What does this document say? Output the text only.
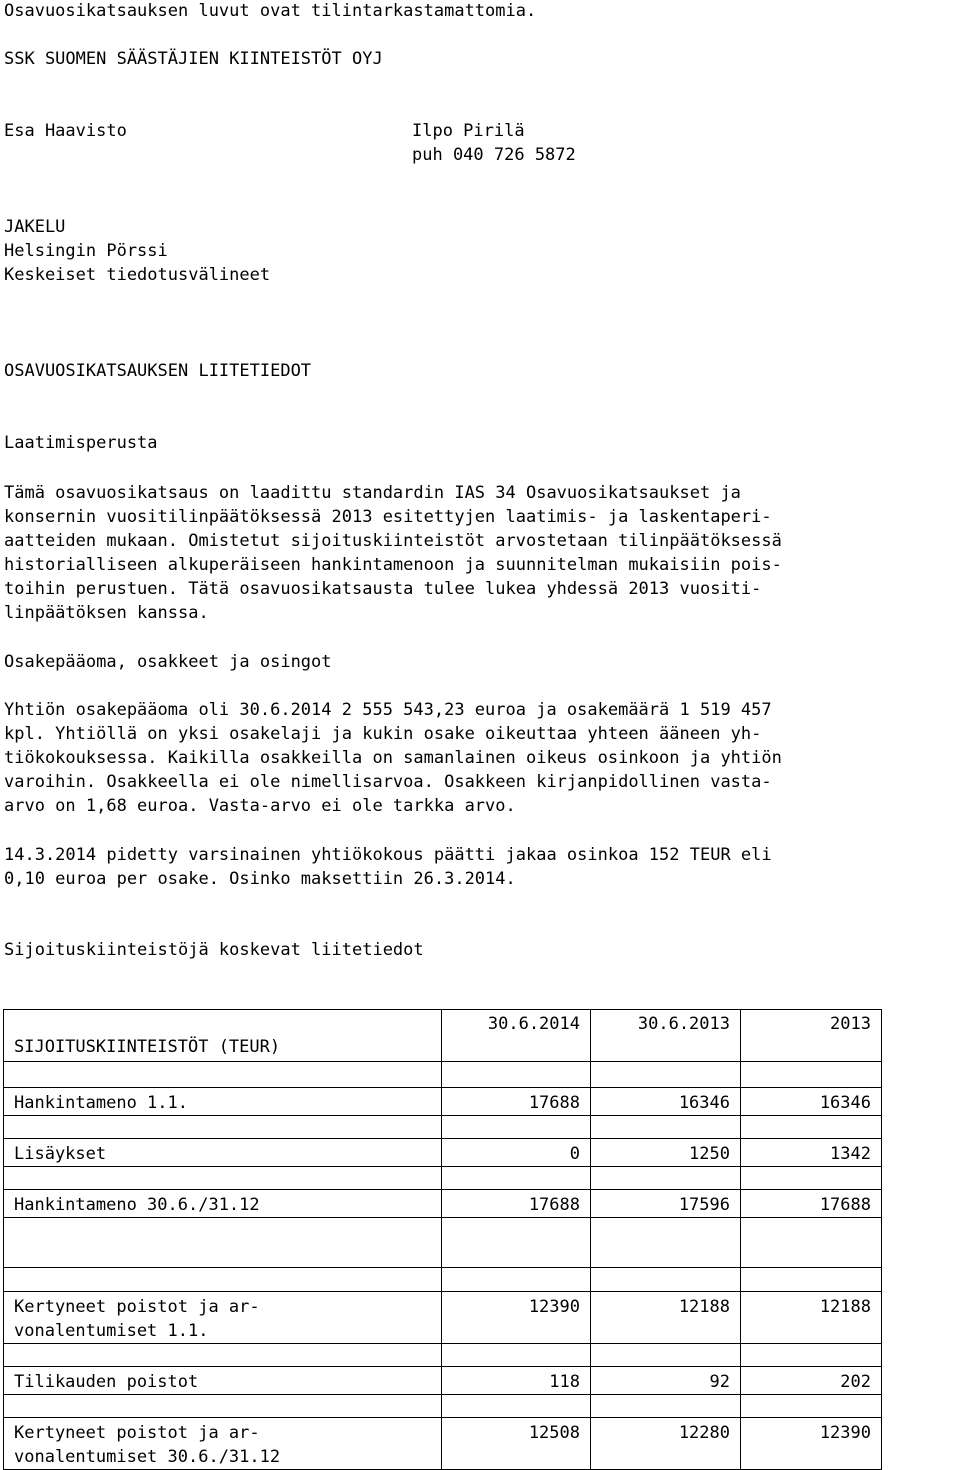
Osavuosikatsauksen luvut ovat tilintarkastamattomia.
SSK SUOMEN SÄÄSTÄJIEN KIINTEISTÖT OYJ
Esa Haavisto	Ilpo Pirilä
puh 040 726 5872
JAKELU
Helsingin Pörssi
Keskeiset tiedotusvälineet
OSAVUOSIKATSAUKSEN LIITETIEDOT
Laatimisperusta
Tämä osavuosikatsaus on laadittu standardin IAS 34 Osavuosikatsaukset ja
konsernin vuositilinpäätöksessä 2013 esitettyjen laatimis- ja laskentaperi-
aatteiden mukaan. Omistetut sijoituskiinteistöt arvostetaan tilinpäätöksessä
historialliseen alkuperäiseen hankintamenoon ja suunnitelman mukaisiin pois-
toihin perustuen. Tätä osavuosikatsausta tulee lukea yhdessä 2013 vuositi-
linpäätöksen kanssa.
Osakepääoma, osakkeet ja osingot
Yhtiön osakepääoma oli 30.6.2014 2 555 543,23 euroa ja osakemäärä 1 519 457
kpl. Yhtiöllä on yksi osakelaji ja kukin osake oikeuttaa yhteen ääneen yh-
tiökokouksessa. Kaikilla osakkeilla on samanlainen oikeus osinkoon ja yhtiön
varoihin. Osakkeella ei ole nimellisarvoa. Osakkeen kirjanpidollinen vasta-
arvo on 1,68 euroa. Vasta-arvo ei ole tarkka arvo.
14.3.2014 pidetty varsinainen yhtiökokous päätti jakaa osinkoa 152 TEUR eli
0,10 euroa per osake. Osinko maksettiin 26.3.2014.
Sijoituskiinteistöjä koskevat liitetiedot
SIJOITUSKIINTEISTÖT (TEUR)	30.6.2014	30.6.2013	2013

Hankintameno 1.1.	17688	16346	16346

Lisäykset	0	1250	1342

Hankintameno 30.6./31.12	17688	17596	17688

Kertyneet poistot ja ar-
vonalentumiset 1.1.	12390	12188	12188

Tilikauden poistot	118	92	202

Kertyneet poistot ja ar-
vonalentumiset 30.6./31.12	12508	12280	12390
